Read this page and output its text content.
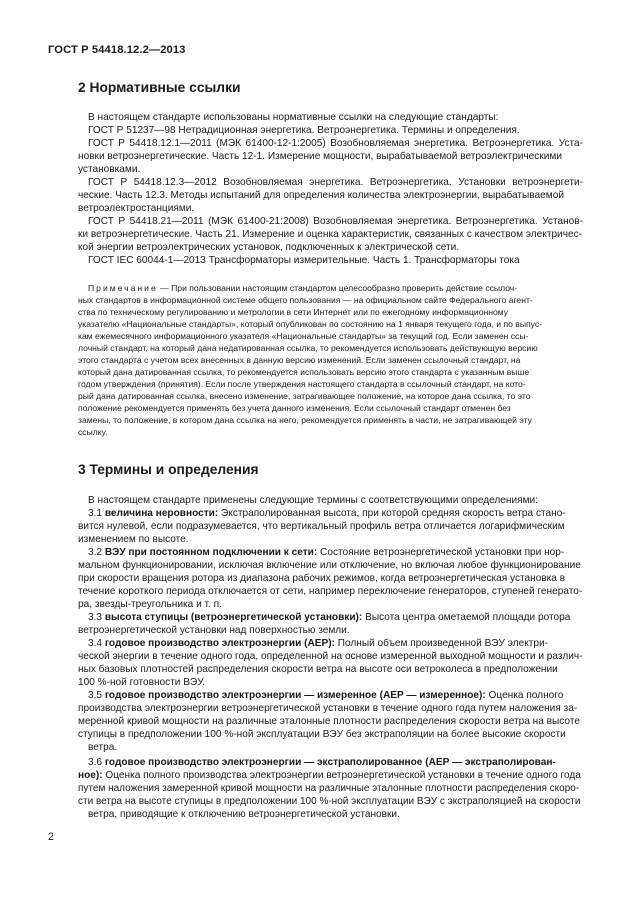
ГОСТ Р 54418.12.2—2013
2 Нормативные ссылки
В настоящем стандарте использованы нормативные ссылки на следующие стандарты:
ГОСТ Р 51237—98 Нетрадиционная энергетика. Ветроэнергетика. Термины и определения.
ГОСТ Р 54418.12.1—2011 (МЭК 61400-12-1:2005) Возобновляемая энергетика. Ветроэнергетика. Уста-
новки ветроэнергетические. Часть 12-1. Измерение мощности, вырабатываемой ветроэлектрическими
установками.
ГОСТ Р 54418.12.3—2012 Возобновляемая энергетика. Ветроэнергетика. Установки ветроэнергети-
ческие. Часть 12.3. Методы испытаний для определения количества электроэнергии, вырабатываемой
ветроэлектростанциями.
ГОСТ Р 54418.21—2011 (МЭК 61400-21:2008) Возобновляемая энергетика. Ветроэнергетика. Установ-
ки ветроэнергетические. Часть 21. Измерение и оценка характеристик, связанных с качеством электричес-
кой энергии ветроэлектрических установок, подключенных к электрической сети.
ГОСТ IEC 60044-1—2013 Трансформаторы измерительные. Часть 1. Трансформаторы тока
Примечание — При пользовании настоящим стандартом целесообразно проверить действие ссылоч-
ных стандартов в информационной системе общего пользования — на официальном сайте Федерального агент-
ства по техническому регулированию и метрологии в сети Интернет или по ежегодному информационному
указателю «Национальные стандарты», который опубликован по состоянию на 1 января текущего года, и по выпус-
кам ежемесячного информационного указателя «Национальные стандарты» за текущий год. Если заменен ссы-
лочный стандарт, на который дана недатированная ссылка, то рекомендуется использовать действующую версию
этого стандарта с учетом всех внесенных в данную версию изменений. Если заменен ссылочный стандарт, на
который дана датированная ссылка, то рекомендуется использовать версию этого стандарта с указанным выше
годом утверждения (принятия). Если после утверждения настоящего стандарта в ссылочный стандарт, на кото-
рый дана датированная ссылка, внесено изменение, затрагивающее положение, на которое дана ссылка, то это
положение рекомендуется применять без учета данного изменения. Если ссылочный стандарт отменен без
замены, то положение, в котором дана ссылка на него, рекомендуется применять в части, не затрагивающей эту
ссылку.
3 Термины и определения
В настоящем стандарте применены следующие термины с соответствующими определениями:
3.1 величина неровности: Экстраполированная высота, при которой средняя скорость ветра стано-
вится нулевой, если подразумевается, что вертикальный профиль ветра отличается логарифмическим
изменением по высоте.
3.2 ВЭУ при постоянном подключении к сети: Состояние ветроэнергетической установки при нор-
мальном функционировании, исключая включение или отключение, но включая любое функционирование
при скорости вращения ротора из диапазона рабочих режимов, когда ветроэнергетическая установка в
течение короткого периода отключается от сети, например переключение генераторов, ступеней генерато-
ра, звезды-треугольника и т. п.
3.3 высота ступицы (ветроэнергетической установки): Высота центра ометаемой площади ротора
ветроэнергетической установки над поверхностью земли.
3.4 годовое производство электроэнергии (AEP): Полный объем произведенной ВЭУ электри-
ческой энергии в течение одного года, определенной на основе измеренной выходной мощности и различ-
ных базовых плотностей распределения скорости ветра на высоте оси ветроколеса в предположении
100 %-ной готовности ВЭУ.
3.5 годовое производство электроэнергии — измеренное (AEP — измеренное): Оценка полного
производства электроэнергии ветроэнергетической установки в течение одного года путем наложения за-
меренной кривой мощности на различные эталонные плотности распределения скорости ветра на высоте
ступицы в предположении 100 %-ной эксплуатации ВЭУ без экстраполяции на более высокие скорости
ветра.
3.6 годовое производство электроэнергии — экстраполированное (AEP — экстраполирован-
ное): Оценка полного производства электроэнергии ветроэнергетической установки в течение одного года
путем наложения замеренной кривой мощности на различные эталонные плотности распределения скоро-
сти ветра на высоте ступицы в предположении 100 %-ной эксплуатации ВЭУ с экстраполяцией на скорости
ветра, приводящие к отключению ветроэнергетической установки.
2
